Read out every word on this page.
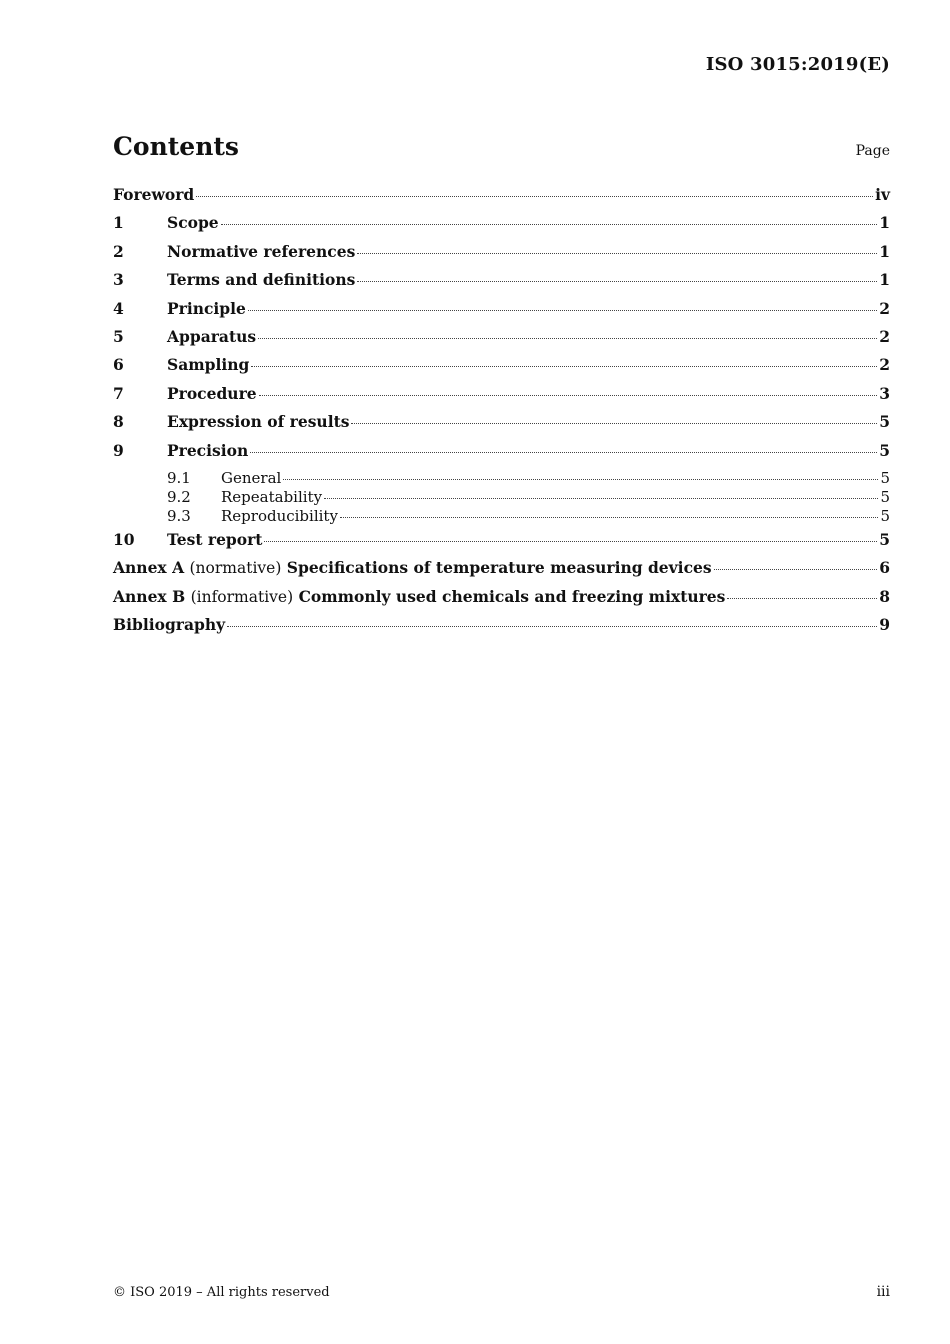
ISO 3015:2019(E)
Contents	Page
Foreword	iv
1	Scope	1
2	Normative references	1
3	Terms and definitions	1
4	Principle	2
5	Apparatus	2
6	Sampling	2
7	Procedure	3
8	Expression of results	5
9	Precision	5
9.1	General	5
9.2	Repeatability	5
9.3	Reproducibility	5
10	Test report	5
Annex A (normative) Specifications of temperature measuring devices	6
Annex B (informative) Commonly used chemicals and freezing mixtures	8
Bibliography	9
© ISO 2019 – All rights reserved	iii
